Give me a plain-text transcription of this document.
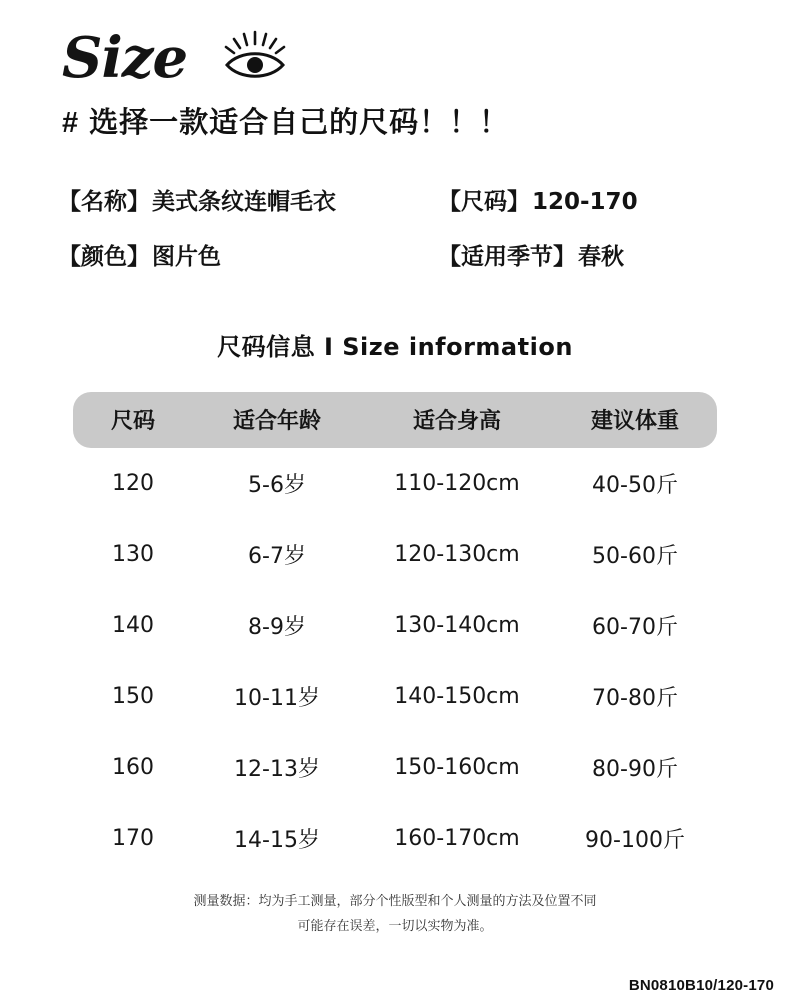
Size
# 选择一款适合自己的尺码！！！
【名称】 美式条纹连帽毛衣	【尺码】 120-170
【颜色】 图片色	【适用季节】 春秋
尺码信息 I Size information
尺码	适合年龄	适合身高	建议体重
120	5-6岁	110-120cm	40-50斤
130	6-7岁	120-130cm	50-60斤
140	8-9岁	130-140cm	60-70斤
150	10-11岁	140-150cm	70-80斤
160	12-13岁	150-160cm	80-90斤
170	14-15岁	160-170cm	90-100斤
测量数据：均为手工测量，部分个性版型和个人测量的方法及位置不同
可能存在误差，一切以实物为准。
BN0810B10/120-170
